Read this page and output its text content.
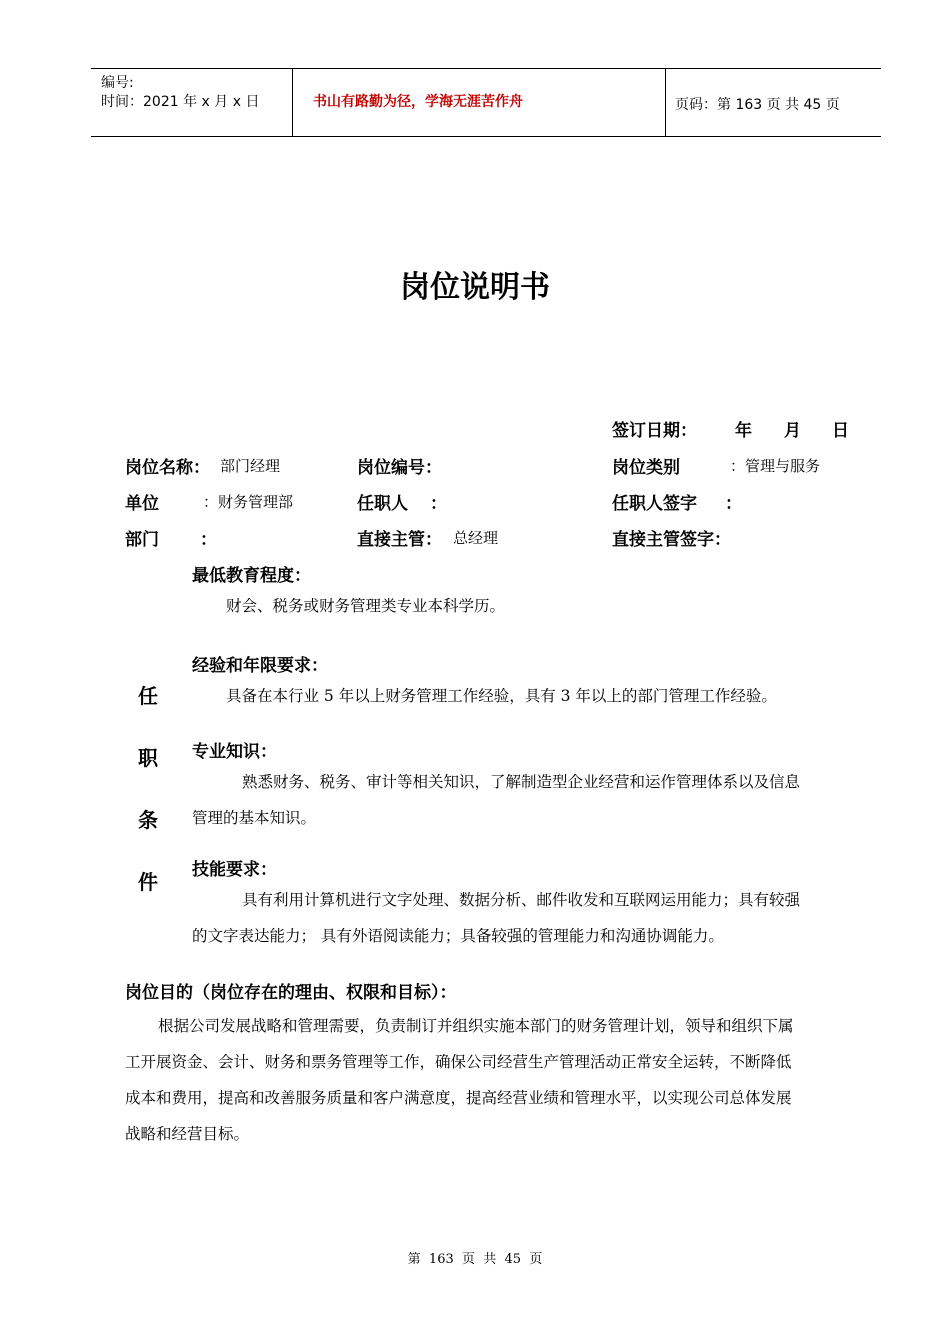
编号:
时间：2021 年 x 月 x 日	书山有路勤为径，学海无涯苦作舟	页码：第 163 页 共 45 页
岗位说明书
签订日期： 年 月 日
岗位名称： 部门经理	岗位编号：	岗位类别	：管理与服务
单位	：财务管理部	任职人 ：	任职人签字 ：
部门 ：	直接主管： 总经理	直接主管签字：
任
职
条
件
最低教育程度：
财会、税务或财务管理类专业本科学历。
经验和年限要求：
具备在本行业 5 年以上财务管理工作经验，具有 3 年以上的部门管理工作经验。
专业知识：
熟悉财务、税务、审计等相关知识，了解制造型企业经营和运作管理体系以及信息
管理的基本知识。
技能要求：
具有利用计算机进行文字处理、数据分析、邮件收发和互联网运用能力；具有较强
的文字表达能力； 具有外语阅读能力；具备较强的管理能力和沟通协调能力。
岗位目的（岗位存在的理由、权限和目标）：
根据公司发展战略和管理需要，负责制订并组织实施本部门的财务管理计划，领导和组织下属
工开展资金、会计、财务和票务管理等工作，确保公司经营生产管理活动正常安全运转，不断降低
成本和费用，提高和改善服务质量和客户满意度，提高经营业绩和管理水平，以实现公司总体发展
战略和经营目标。
第  163  页  共  45  页
